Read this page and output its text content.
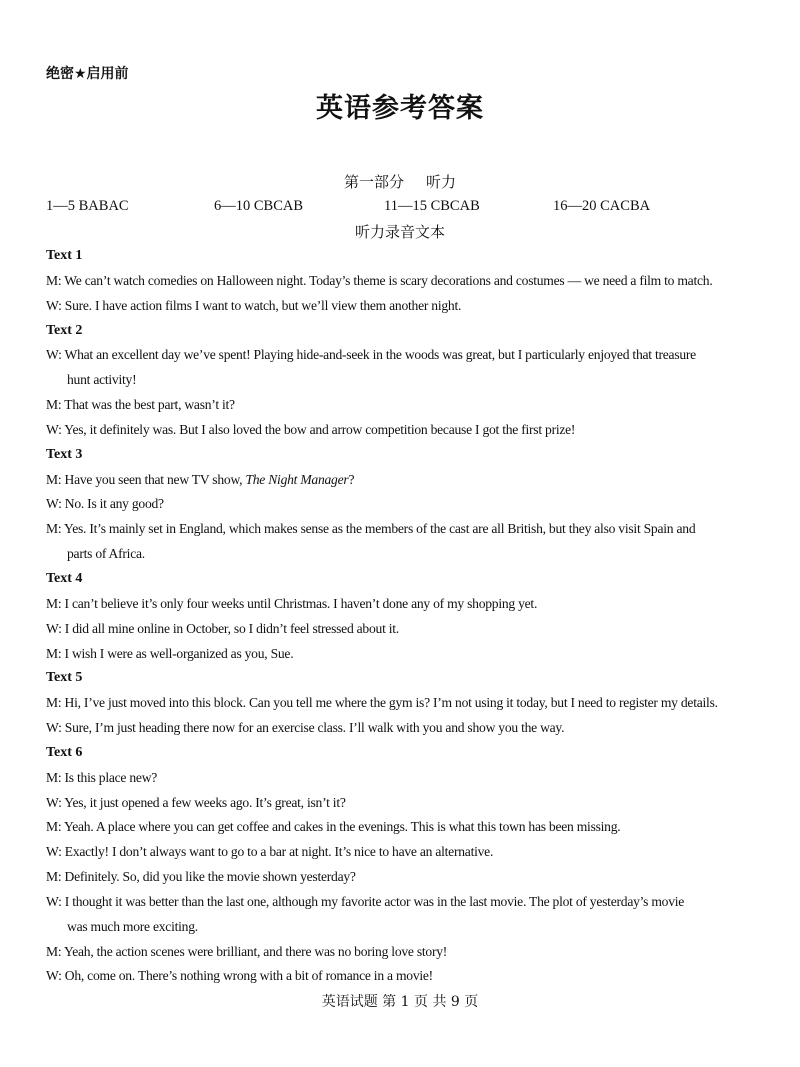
绝密★启用前
英语参考答案
第一部分 听力
1—5 BABAC	6—10 CBCAB	11—15 CBCAB	16—20 CACBA
听力录音文本
Text 1
M: We can’t watch comedies on Halloween night. Today’s theme is scary decorations and costumes — we need a film to match.
W: Sure. I have action films I want to watch, but we’ll view them another night.
Text 2
W: What an excellent day we’ve spent! Playing hide-and-seek in the woods was great, but I particularly enjoyed that treasure
hunt activity!
M: That was the best part, wasn’t it?
W: Yes, it definitely was. But I also loved the bow and arrow competition because I got the first prize!
Text 3
M: Have you seen that new TV show, The Night Manager?
W: No. Is it any good?
M: Yes. It’s mainly set in England, which makes sense as the members of the cast are all British, but they also visit Spain and
parts of Africa.
Text 4
M: I can’t believe it’s only four weeks until Christmas. I haven’t done any of my shopping yet.
W: I did all mine online in October, so I didn’t feel stressed about it.
M: I wish I were as well-organized as you, Sue.
Text 5
M: Hi, I’ve just moved into this block. Can you tell me where the gym is? I’m not using it today, but I need to register my details.
W: Sure, I’m just heading there now for an exercise class. I’ll walk with you and show you the way.
Text 6
M: Is this place new?
W: Yes, it just opened a few weeks ago. It’s great, isn’t it?
M: Yeah. A place where you can get coffee and cakes in the evenings. This is what this town has been missing.
W: Exactly! I don’t always want to go to a bar at night. It’s nice to have an alternative.
M: Definitely. So, did you like the movie shown yesterday?
W: I thought it was better than the last one, although my favorite actor was in the last movie. The plot of yesterday’s movie
was much more exciting.
M: Yeah, the action scenes were brilliant, and there was no boring love story!
W: Oh, come on. There’s nothing wrong with a bit of romance in a movie!
英语试题 第 1 页 共 9 页
